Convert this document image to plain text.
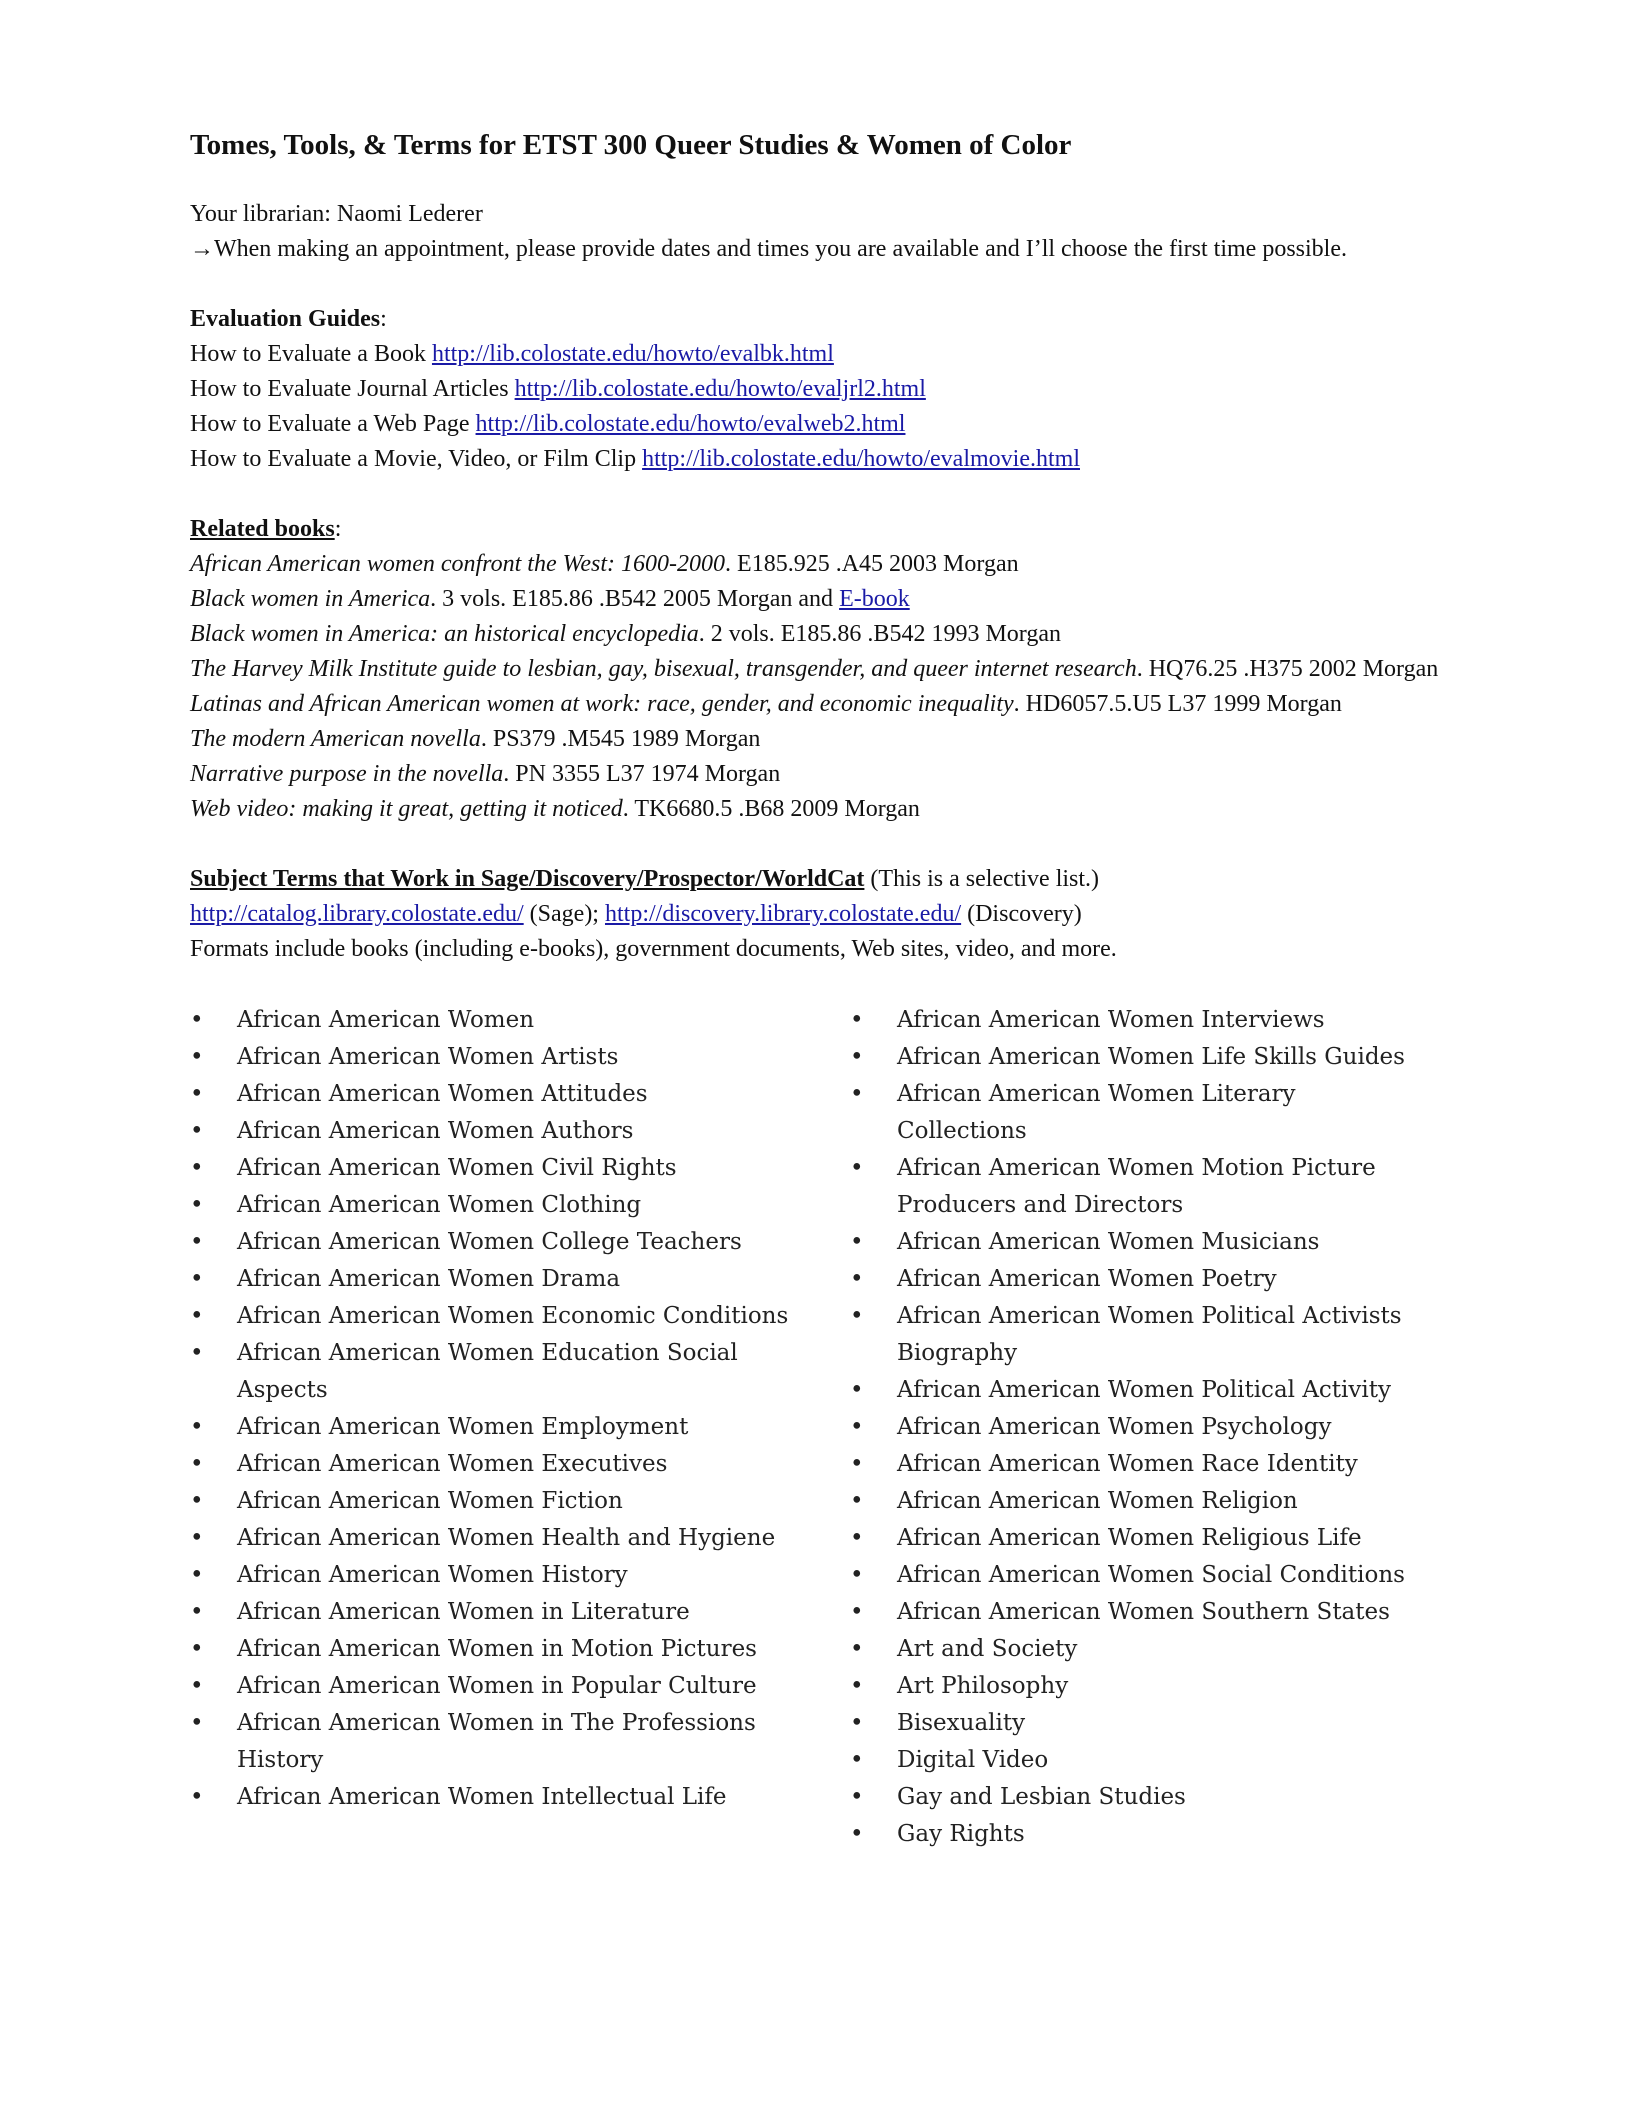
Tomes, Tools, & Terms for ETST 300 Queer Studies & Women of Color
Your librarian: Naomi Lederer
→When making an appointment, please provide dates and times you are available and I’ll choose the first time possible.
Evaluation Guides:
How to Evaluate a Book http://lib.colostate.edu/howto/evalbk.html
How to Evaluate Journal Articles http://lib.colostate.edu/howto/evaljrl2.html
How to Evaluate a Web Page http://lib.colostate.edu/howto/evalweb2.html
How to Evaluate a Movie, Video, or Film Clip http://lib.colostate.edu/howto/evalmovie.html
Related books:
African American women confront the West: 1600-2000. E185.925 .A45 2003 Morgan
Black women in America. 3 vols. E185.86 .B542 2005 Morgan and E-book
Black women in America: an historical encyclopedia. 2 vols. E185.86 .B542 1993 Morgan
The Harvey Milk Institute guide to lesbian, gay, bisexual, transgender, and queer internet research. HQ76.25 .H375 2002 Morgan
Latinas and African American women at work: race, gender, and economic inequality. HD6057.5.U5 L37 1999 Morgan
The modern American novella. PS379 .M545 1989 Morgan
Narrative purpose in the novella. PN 3355 L37 1974 Morgan
Web video: making it great, getting it noticed. TK6680.5 .B68 2009 Morgan
Subject Terms that Work in Sage/Discovery/Prospector/WorldCat (This is a selective list.)
http://catalog.library.colostate.edu/ (Sage); http://discovery.library.colostate.edu/ (Discovery)
Formats include books (including e-books), government documents, Web sites, video, and more.
• African American Women
• African American Women Artists
• African American Women Attitudes
• African American Women Authors
• African American Women Civil Rights
• African American Women Clothing
• African American Women College Teachers
• African American Women Drama
• African American Women Economic Conditions
• African American Women Education Social Aspects
• African American Women Employment
• African American Women Executives
• African American Women Fiction
• African American Women Health and Hygiene
• African American Women History
• African American Women in Literature
• African American Women in Motion Pictures
• African American Women in Popular Culture
• African American Women in The Professions History
• African American Women Intellectual Life
• African American Women Interviews
• African American Women Life Skills Guides
• African American Women Literary Collections
• African American Women Motion Picture Producers and Directors
• African American Women Musicians
• African American Women Poetry
• African American Women Political Activists Biography
• African American Women Political Activity
• African American Women Psychology
• African American Women Race Identity
• African American Women Religion
• African American Women Religious Life
• African American Women Social Conditions
• African American Women Southern States
• Art and Society
• Art Philosophy
• Bisexuality
• Digital Video
• Gay and Lesbian Studies
• Gay Rights
